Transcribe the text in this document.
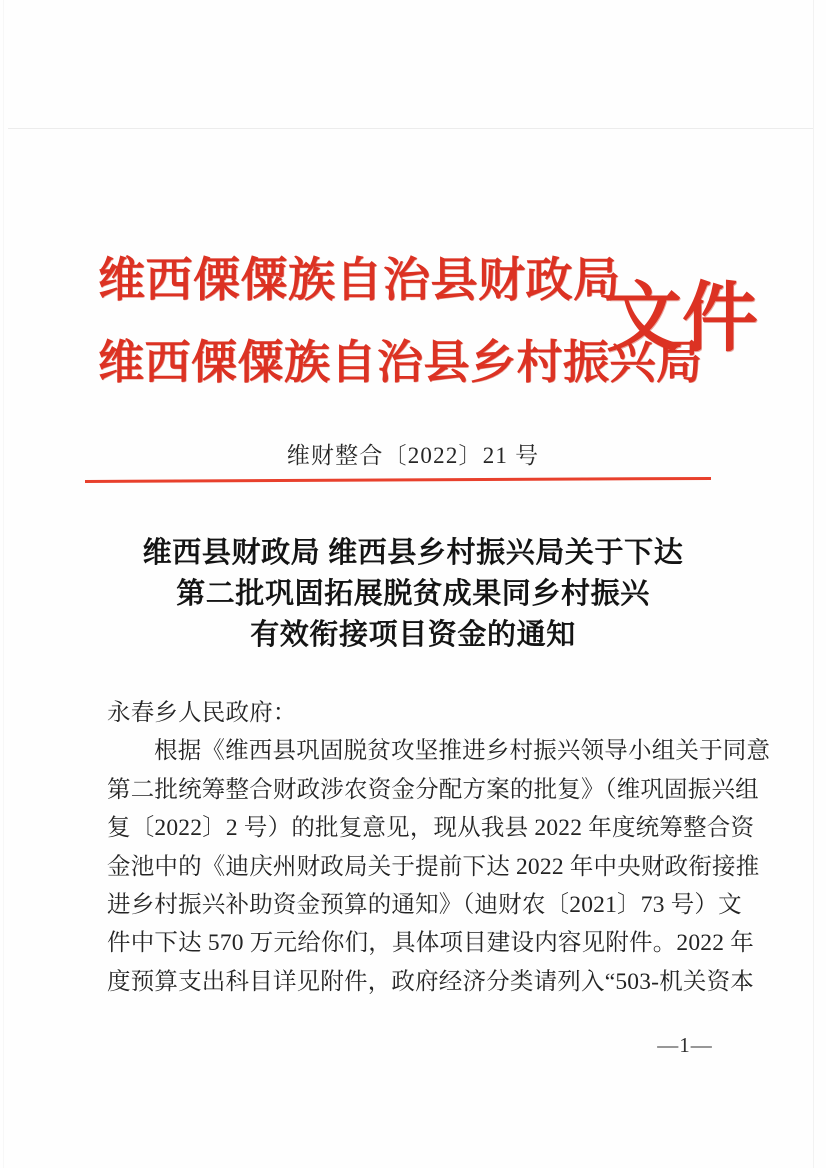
维西傈僳族自治县财政局
维西傈僳族自治县乡村振兴局
文件
维财整合〔2022〕21 号
维西县财政局 维西县乡村振兴局关于下达
第二批巩固拓展脱贫成果同乡村振兴
有效衔接项目资金的通知
永春乡人民政府：
根据《维西县巩固脱贫攻坚推进乡村振兴领导小组关于同意
第二批统筹整合财政涉农资金分配方案的批复》（维巩固振兴组
复〔2022〕2 号）的批复意见，现从我县 2022 年度统筹整合资
金池中的《迪庆州财政局关于提前下达 2022 年中央财政衔接推
进乡村振兴补助资金预算的通知》（迪财农〔2021〕73 号）文
件中下达 570 万元给你们，具体项目建设内容见附件。2022 年
度预算支出科目详见附件，政府经济分类请列入“503-机关资本
—1—
